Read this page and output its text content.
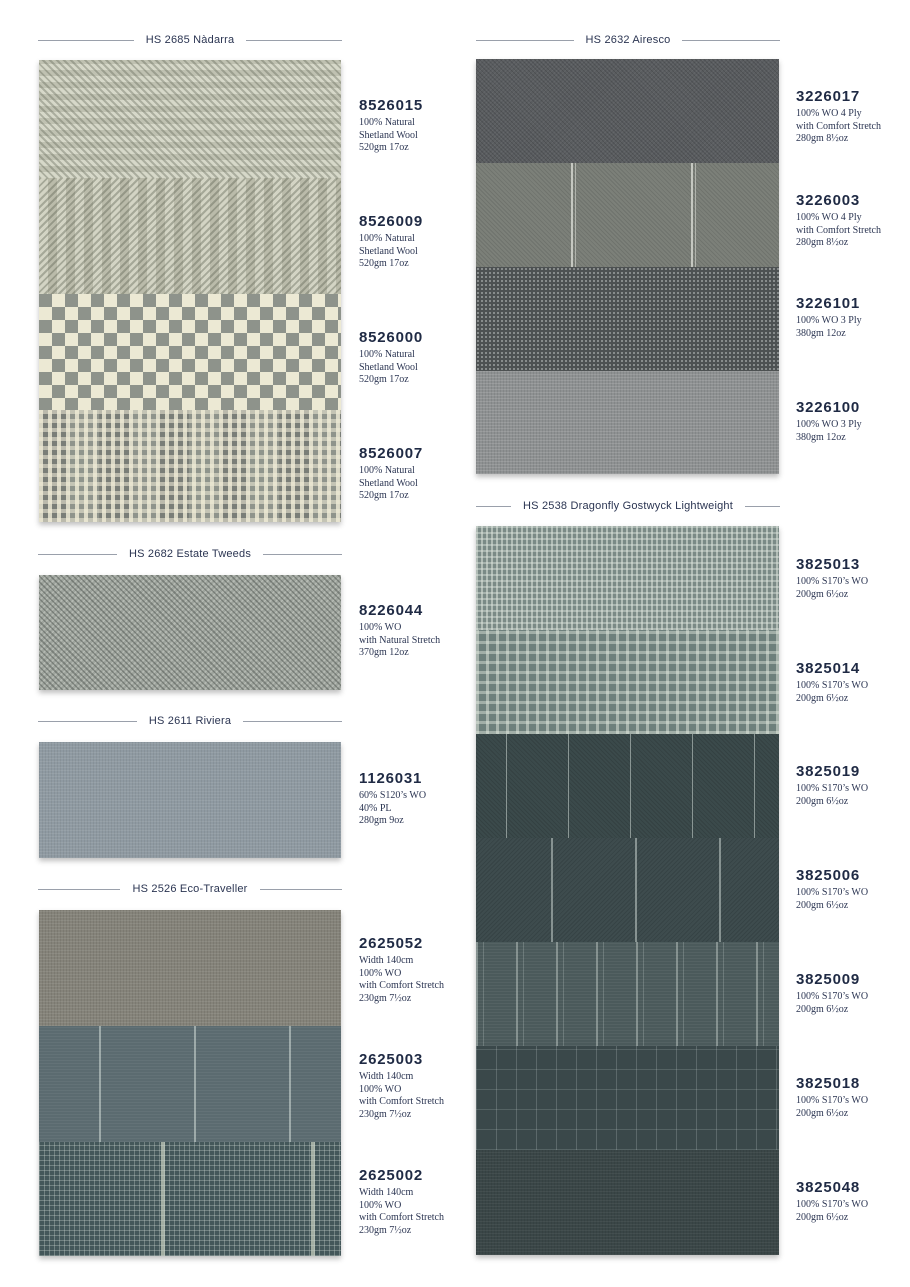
HS 2685 Nàdarra
8526015
100% Natural
Shetland Wool
520gm 17oz
8526009
100% Natural
Shetland Wool
520gm 17oz
8526000
100% Natural
Shetland Wool
520gm 17oz
8526007
100% Natural
Shetland Wool
520gm 17oz
HS 2682 Estate Tweeds
8226044
100% WO
with Natural Stretch
370gm 12oz
HS 2611 Riviera
1126031
60% S120’s WO
40% PL
280gm 9oz
HS 2526 Eco-Traveller
2625052
Width 140cm
100% WO
with Comfort Stretch
230gm 7½oz
2625003
Width 140cm
100% WO
with Comfort Stretch
230gm 7½oz
2625002
Width 140cm
100% WO
with Comfort Stretch
230gm 7½oz
HS 2632 Airesco
3226017
100% WO 4 Ply
with Comfort Stretch
280gm 8½oz
3226003
100% WO 4 Ply
with Comfort Stretch
280gm 8½oz
3226101
100% WO 3 Ply
380gm 12oz
3226100
100% WO 3 Ply
380gm 12oz
HS 2538 Dragonfly Gostwyck Lightweight
3825013
100% S170’s WO
200gm 6½oz
3825014
100% S170’s WO
200gm 6½oz
3825019
100% S170’s WO
200gm 6½oz
3825006
100% S170’s WO
200gm 6½oz
3825009
100% S170’s WO
200gm 6½oz
3825018
100% S170’s WO
200gm 6½oz
3825048
100% S170’s WO
200gm 6½oz
